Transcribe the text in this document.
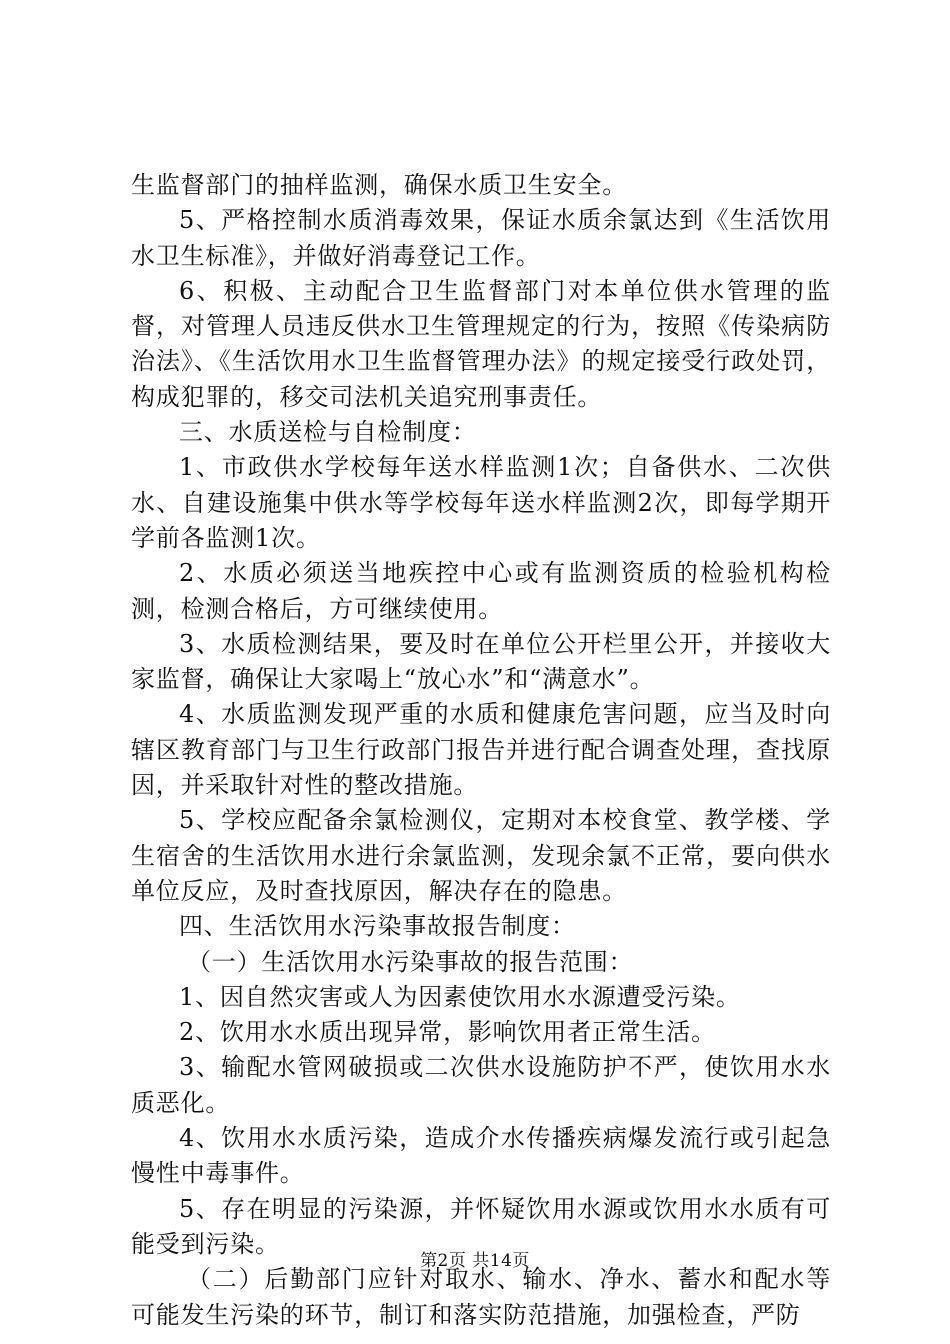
生监督部门的抽样监测，确保水质卫生安全。

5、严格控制水质消毒效果，保证水质余氯达到《生活饮用水卫生标准》，并做好消毒登记工作。

6、积极、主动配合卫生监督部门对本单位供水管理的监督，对管理人员违反供水卫生管理规定的行为，按照《传染病防治法》、《生活饮用水卫生监督管理办法》的规定接受行政处罚，构成犯罪的，移交司法机关追究刑事责任。

三、水质送检与自检制度：

1、市政供水学校每年送水样监测1次；自备供水、二次供水、自建设施集中供水等学校每年送水样监测2次，即每学期开学前各监测1次。

2、水质必须送当地疾控中心或有监测资质的检验机构检测，检测合格后，方可继续使用。

3、水质检测结果，要及时在单位公开栏里公开，并接收大家监督，确保让大家喝上“放心水”和“满意水”。

4、水质监测发现严重的水质和健康危害问题，应当及时向辖区教育部门与卫生行政部门报告并进行配合调查处理，查找原因，并采取针对性的整改措施。

5、学校应配备余氯检测仪，定期对本校食堂、教学楼、学生宿舍的生活饮用水进行余氯监测，发现余氯不正常，要向供水单位反应，及时查找原因，解决存在的隐患。

四、生活饮用水污染事故报告制度：

（一）生活饮用水污染事故的报告范围：

1、因自然灾害或人为因素使饮用水水源遭受污染。

2、饮用水水质出现异常，影响饮用者正常生活。

3、输配水管网破损或二次供水设施防护不严，使饮用水水质恶化。

4、饮用水水质污染，造成介水传播疾病爆发流行或引起急慢性中毒事件。

5、存在明显的污染源，并怀疑饮用水源或饮用水水质有可能受到污染。

（二）后勤部门应针对取水、输水、净水、蓄水和配水等可能发生污染的环节，制订和落实防范措施，加强检查，严防

第2页 共14页
